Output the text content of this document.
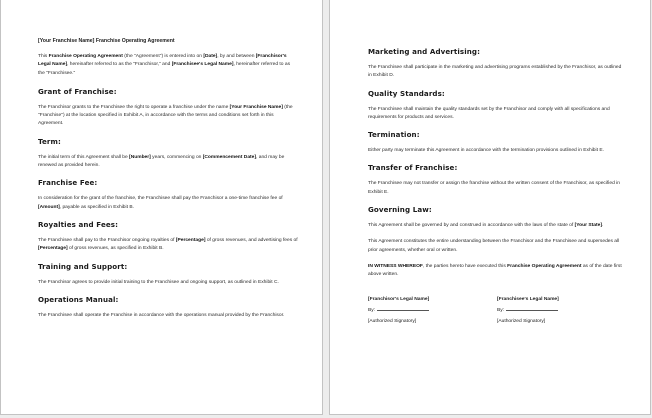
[Your Franchise Name] Franchise Operating Agreement

This Franchise Operating Agreement (the "Agreement") is entered into on [Date], by and between [Franchisor's Legal Name], hereinafter referred to as the "Franchisor," and [Franchisee's Legal Name], hereinafter referred to as the "Franchisee."

Grant of Franchise:

The Franchisor grants to the Franchisee the right to operate a franchise under the name [Your Franchise Name] (the "Franchise") at the location specified in Exhibit A, in accordance with the terms and conditions set forth in this Agreement.

Term:

The initial term of this Agreement shall be [Number] years, commencing on [Commencement Date], and may be renewed as provided herein.

Franchise Fee:

In consideration for the grant of the franchise, the Franchisee shall pay the Franchisor a one-time franchise fee of [Amount], payable as specified in Exhibit B.

Royalties and Fees:

The Franchisee shall pay to the Franchisor ongoing royalties of [Percentage] of gross revenues, and advertising fees of [Percentage] of gross revenues, as specified in Exhibit B.

Training and Support:

The Franchisor agrees to provide initial training to the Franchisee and ongoing support, as outlined in Exhibit C.

Operations Manual:

The Franchisee shall operate the Franchise in accordance with the operations manual provided by the Franchisor.

Marketing and Advertising:

The Franchisee shall participate in the marketing and advertising programs established by the Franchisor, as outlined in Exhibit D.

Quality Standards:

The Franchisee shall maintain the quality standards set by the Franchisor and comply with all specifications and requirements for products and services.

Termination:

Either party may terminate this Agreement in accordance with the termination provisions outlined in Exhibit E.

Transfer of Franchise:

The Franchisee may not transfer or assign the franchise without the written consent of the Franchisor, as specified in Exhibit E.

Governing Law:

This Agreement shall be governed by and construed in accordance with the laws of the state of [Your State].

This Agreement constitutes the entire understanding between the Franchisor and the Franchisee and supersedes all prior agreements, whether oral or written.

IN WITNESS WHEREOF, the parties hereto have executed this Franchise Operating Agreement as of the date first above written.

[Franchisor's Legal Name]
By:
[Authorized Signatory]
[Franchisee's Legal Name]
By:
[Authorized Signatory]
